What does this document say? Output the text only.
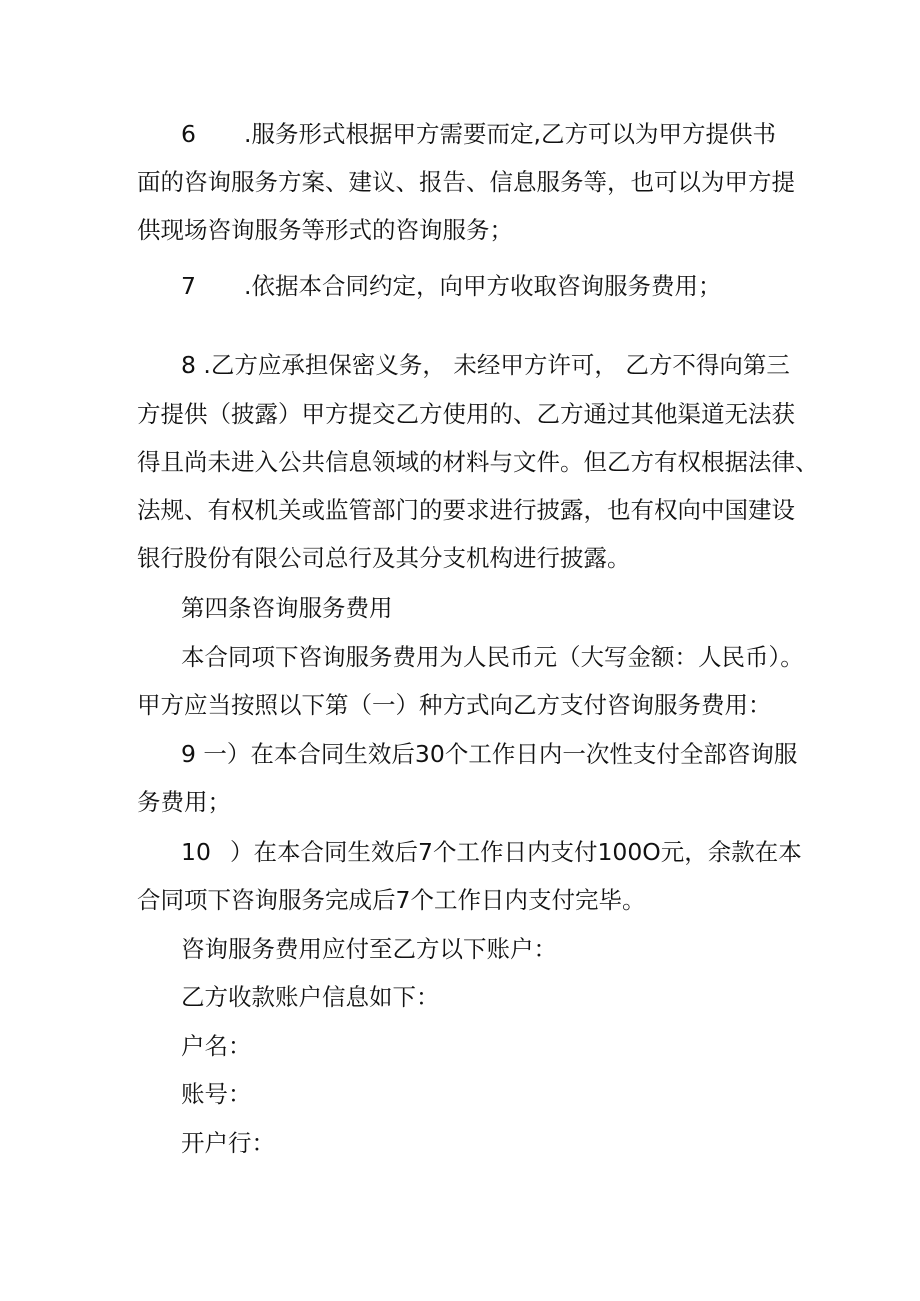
6 .服务形式根据甲方需要而定,乙方可以为甲方提供书
面的咨询服务方案、建议、报告、信息服务等，也可以为甲方提
供现场咨询服务等形式的咨询服务；
7 .依据本合同约定，向甲方收取咨询服务费用；
8 .乙方应承担保密义务， 未经甲方许可， 乙方不得向第三
方提供（披露）甲方提交乙方使用的、乙方通过其他渠道无法获
得且尚未进入公共信息领域的材料与文件。但乙方有权根据法律、
法规、有权机关或监管部门的要求进行披露，也有权向中国建设
银行股份有限公司总行及其分支机构进行披露。
第四条咨询服务费用
本合同项下咨询服务费用为人民币元（大写金额：人民币）。
甲方应当按照以下第（一）种方式向乙方支付咨询服务费用：
9 一）在本合同生效后30个工作日内一次性支付全部咨询服
务费用；
10 ）在本合同生效后7个工作日内支付100O元，余款在本
合同项下咨询服务完成后7个工作日内支付完毕。
咨询服务费用应付至乙方以下账户：
乙方收款账户信息如下：
户名：
账号：
开户行：
